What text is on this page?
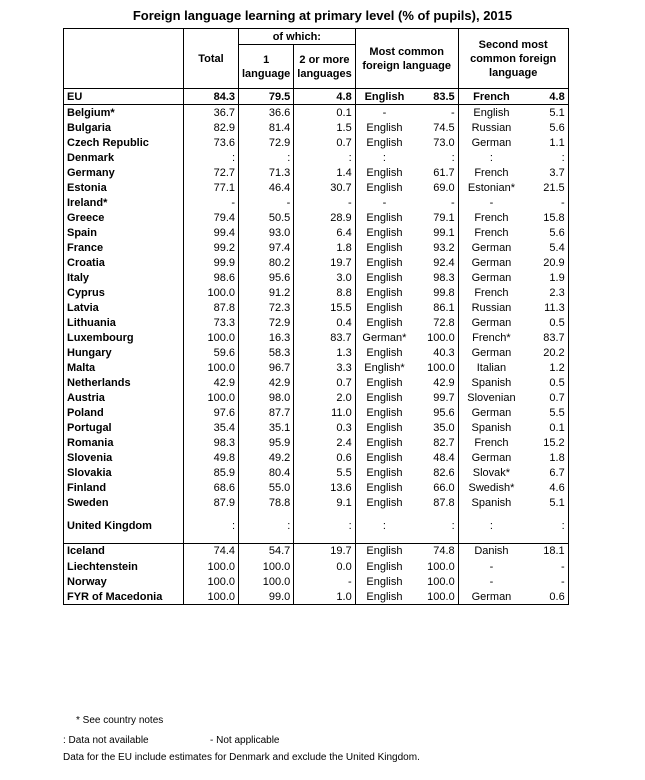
Foreign language learning at primary level (% of pupils), 2015
	Total	of which:		Most common foreign language		Second most common foreign language	
		1 language	2 or more languages				
EU	84.3	79.5	4.8	English	83.5	French	4.8
Belgium*	36.7	36.6	0.1	-	-	English	5.1
Bulgaria	82.9	81.4	1.5	English	74.5	Russian	5.6
Czech Republic	73.6	72.9	0.7	English	73.0	German	1.1
Denmark	:	:	:	:	:	:	:
Germany	72.7	71.3	1.4	English	61.7	French	3.7
Estonia	77.1	46.4	30.7	English	69.0	Estonian*	21.5
Ireland*	-	-	-	-	-	-	-
Greece	79.4	50.5	28.9	English	79.1	French	15.8
Spain	99.4	93.0	6.4	English	99.1	French	5.6
France	99.2	97.4	1.8	English	93.2	German	5.4
Croatia	99.9	80.2	19.7	English	92.4	German	20.9
Italy	98.6	95.6	3.0	English	98.3	German	1.9
Cyprus	100.0	91.2	8.8	English	99.8	French	2.3
Latvia	87.8	72.3	15.5	English	86.1	Russian	11.3
Lithuania	73.3	72.9	0.4	English	72.8	German	0.5
Luxembourg	100.0	16.3	83.7	German*	100.0	French*	83.7
Hungary	59.6	58.3	1.3	English	40.3	German	20.2
Malta	100.0	96.7	3.3	English*	100.0	Italian	1.2
Netherlands	42.9	42.9	0.7	English	42.9	Spanish	0.5
Austria	100.0	98.0	2.0	English	99.7	Slovenian	0.7
Poland	97.6	87.7	11.0	English	95.6	German	5.5
Portugal	35.4	35.1	0.3	English	35.0	Spanish	0.1
Romania	98.3	95.9	2.4	English	82.7	French	15.2
Slovenia	49.8	49.2	0.6	English	48.4	German	1.8
Slovakia	85.9	80.4	5.5	English	82.6	Slovak*	6.7
Finland	68.6	55.0	13.6	English	66.0	Swedish*	4.6
Sweden	87.9	78.8	9.1	English	87.8	Spanish	5.1
United Kingdom	:	:	:	:	:	:	:
Iceland	74.4	54.7	19.7	English	74.8	Danish	18.1
Liechtenstein	100.0	100.0	0.0	English	100.0	-	-
Norway	100.0	100.0	-	English	100.0	-	-
FYR of Macedonia	100.0	99.0	1.0	English	100.0	German	0.6
* See country notes
: Data not available	- Not applicable
Data for the EU include estimates for Denmark and exclude the United Kingdom.
